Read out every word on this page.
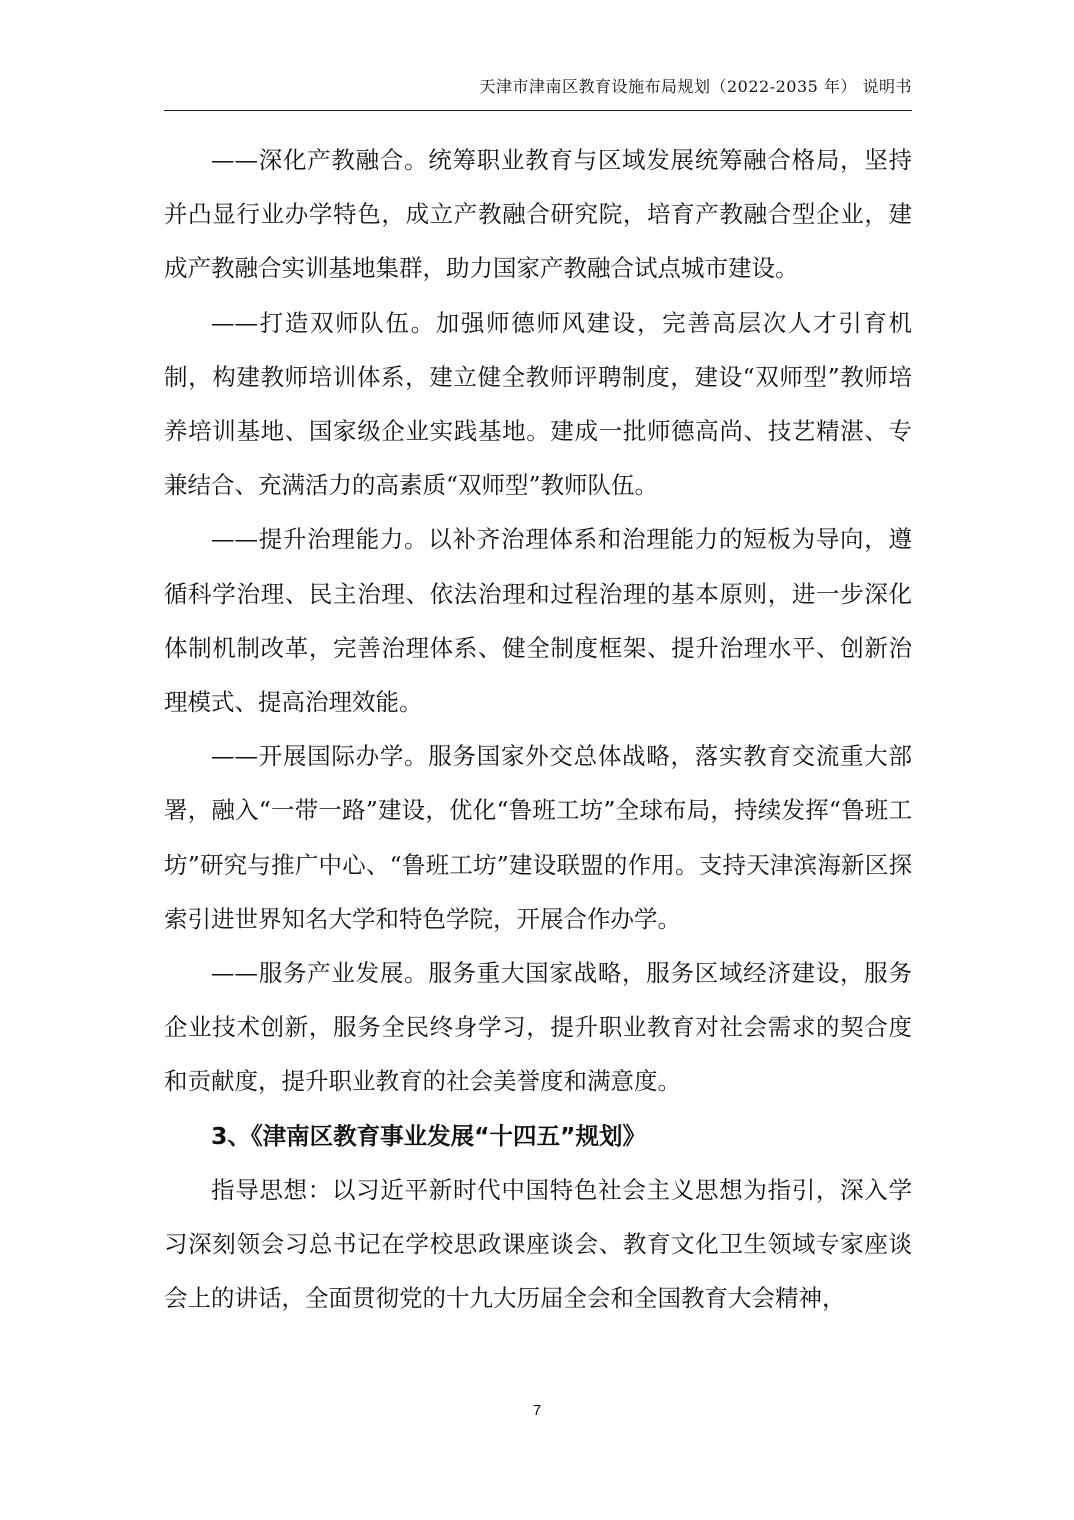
天津市津南区教育设施布局规划（2022-2035 年） 说明书

——深化产教融合。统筹职业教育与区域发展统筹融合格局，坚持并凸显行业办学特色，成立产教融合研究院，培育产教融合型企业，建成产教融合实训基地集群，助力国家产教融合试点城市建设。

——打造双师队伍。加强师德师风建设，完善高层次人才引育机制，构建教师培训体系，建立健全教师评聘制度，建设“双师型”教师培养培训基地、国家级企业实践基地。建成一批师德高尚、技艺精湛、专兼结合、充满活力的高素质“双师型”教师队伍。

——提升治理能力。以补齐治理体系和治理能力的短板为导向，遵循科学治理、民主治理、依法治理和过程治理的基本原则，进一步深化体制机制改革，完善治理体系、健全制度框架、提升治理水平、创新治理模式、提高治理效能。

——开展国际办学。服务国家外交总体战略，落实教育交流重大部署，融入“一带一路”建设，优化“鲁班工坊”全球布局，持续发挥“鲁班工坊”研究与推广中心、“鲁班工坊”建设联盟的作用。支持天津滨海新区探索引进世界知名大学和特色学院，开展合作办学。

——服务产业发展。服务重大国家战略，服务区域经济建设，服务企业技术创新，服务全民终身学习，提升职业教育对社会需求的契合度和贡献度，提升职业教育的社会美誉度和满意度。

3、《津南区教育事业发展“十四五”规划》

指导思想：以习近平新时代中国特色社会主义思想为指引，深入学习深刻领会习总书记在学校思政课座谈会、教育文化卫生领域专家座谈会上的讲话，全面贯彻党的十九大历届全会和全国教育大会精神，

7
